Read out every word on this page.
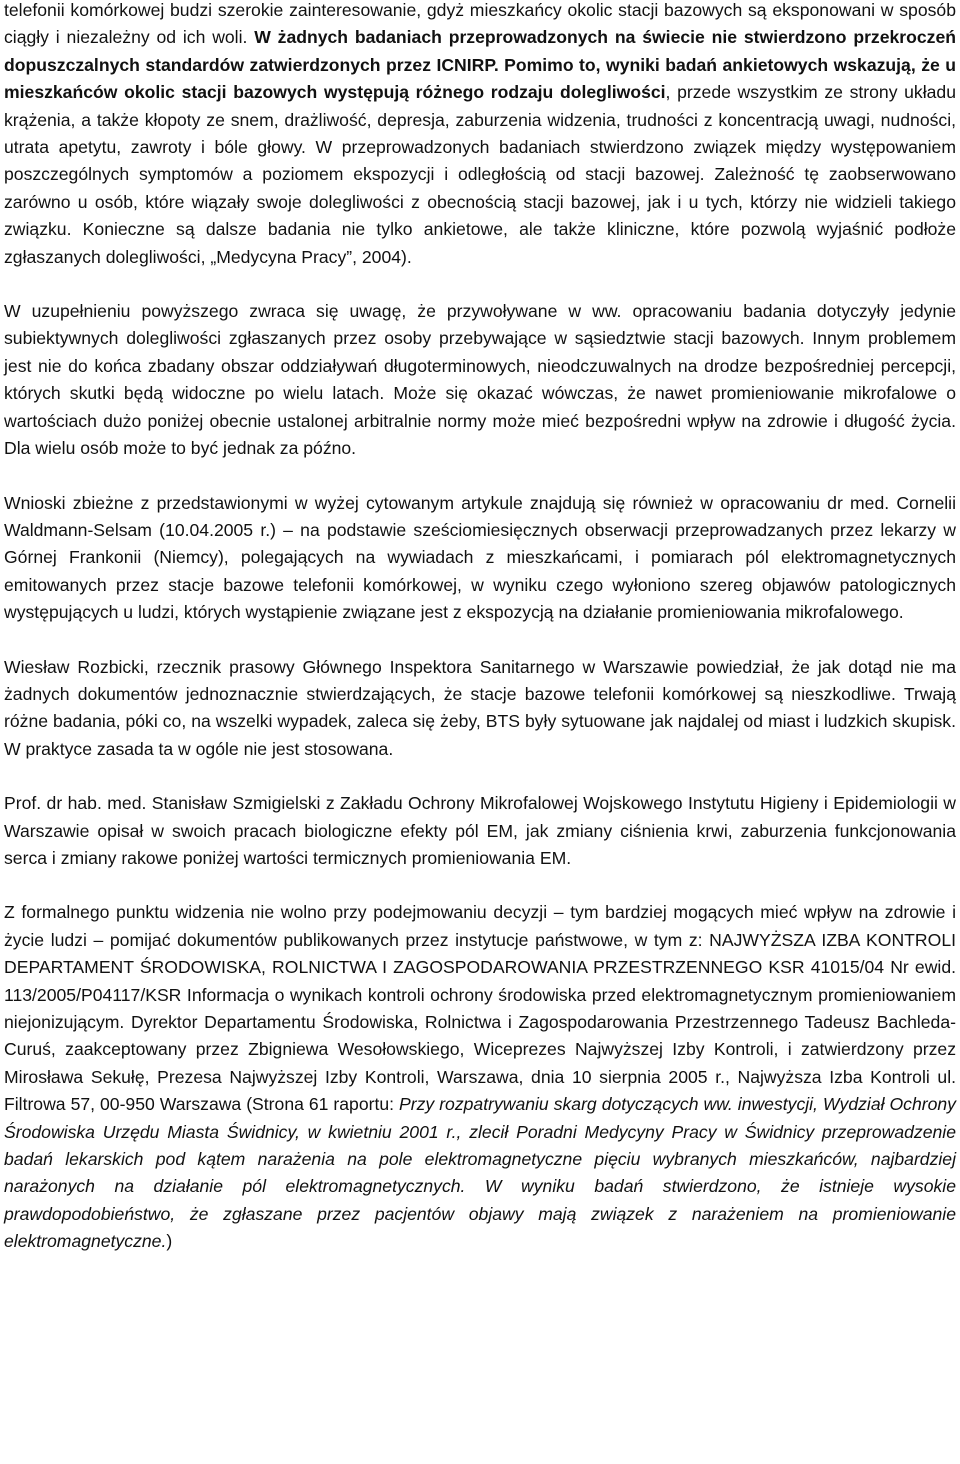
telefonii komórkowej budzi szerokie zainteresowanie, gdyż mieszkańcy okolic stacji bazowych są eksponowani w sposób ciągły i niezależny od ich woli. W żadnych badaniach przeprowadzonych na świecie nie stwierdzono przekroczeń dopuszczalnych standardów zatwierdzonych przez ICNIRP. Pomimo to, wyniki badań ankietowych wskazują, że u mieszkańców okolic stacji bazowych występują różnego rodzaju dolegliwości, przede wszystkim ze strony układu krążenia, a także kłopoty ze snem, drażliwość, depresja, zaburzenia widzenia, trudności z koncentracją uwagi, nudności, utrata apetytu, zawroty i bóle głowy. W przeprowadzonych badaniach stwierdzono związek między występowaniem poszczególnych symptomów a poziomem ekspozycji i odległością od stacji bazowej. Zależność tę zaobserwowano zarówno u osób, które wiązały swoje dolegliwości z obecnością stacji bazowej, jak i u tych, którzy nie widzieli takiego związku. Konieczne są dalsze badania nie tylko ankietowe, ale także kliniczne, które pozwolą wyjaśnić podłoże zgłaszanych dolegliwości, „Medycyna Pracy”, 2004).

W uzupełnieniu powyższego zwraca się uwagę, że przywoływane w ww. opracowaniu badania dotyczyły jedynie subiektywnych dolegliwości zgłaszanych przez osoby przebywające w sąsiedztwie stacji bazowych. Innym problemem jest nie do końca zbadany obszar oddziaływań długoterminowych, nieodczuwalnych na drodze bezpośredniej percepcji, których skutki będą widoczne po wielu latach. Może się okazać wówczas, że nawet promieniowanie mikrofalowe o wartościach dużo poniżej obecnie ustalonej arbitralnie normy może mieć bezpośredni wpływ na zdrowie i długość życia. Dla wielu osób może to być jednak za późno.

Wnioski zbieżne z przedstawionymi w wyżej cytowanym artykule znajdują się również w opracowaniu dr med. Cornelii Waldmann-Selsam (10.04.2005 r.) – na podstawie sześciomiesięcznych obserwacji przeprowadzanych przez lekarzy w Górnej Frankonii (Niemcy), polegających na wywiadach z mieszkańcami, i pomiarach pól elektromagnetycznych emitowanych przez stacje bazowe telefonii komórkowej, w wyniku czego wyłoniono szereg objawów patologicznych występujących u ludzi, których wystąpienie związane jest z ekspozycją na działanie promieniowania mikrofalowego.

Wiesław Rozbicki, rzecznik prasowy Głównego Inspektora Sanitarnego w Warszawie powiedział, że jak dotąd nie ma żadnych dokumentów jednoznacznie stwierdzających, że stacje bazowe telefonii komórkowej są nieszkodliwe. Trwają różne badania, póki co, na wszelki wypadek, zaleca się żeby, BTS były sytuowane jak najdalej od miast i ludzkich skupisk. W praktyce zasada ta w ogóle nie jest stosowana.

Prof. dr hab. med. Stanisław Szmigielski z Zakładu Ochrony Mikrofalowej Wojskowego Instytutu Higieny i Epidemiologii w Warszawie opisał w swoich pracach biologiczne efekty pól EM, jak zmiany ciśnienia krwi, zaburzenia funkcjonowania serca i zmiany rakowe poniżej wartości termicznych promieniowania EM.

Z formalnego punktu widzenia nie wolno przy podejmowaniu decyzji – tym bardziej mogących mieć wpływ na zdrowie i życie ludzi – pomijać dokumentów publikowanych przez instytucje państwowe, w tym z: NAJWYŻSZA IZBA KONTROLI DEPARTAMENT ŚRODOWISKA, ROLNICTWA I ZAGOSPODAROWANIA PRZESTRZENNEGO KSR 41015/04 Nr ewid. 113/2005/P04117/KSR Informacja o wynikach kontroli ochrony środowiska przed elektromagnetycznym promieniowaniem niejonizującym. Dyrektor Departamentu Środowiska, Rolnictwa i Zagospodarowania Przestrzennego Tadeusz Bachleda-Curuś, zaakceptowany przez Zbigniewa Wesołowskiego, Wiceprezes Najwyższej Izby Kontroli, i zatwierdzony przez Mirosława Sekułę, Prezesa Najwyższej Izby Kontroli, Warszawa, dnia 10 sierpnia 2005 r., Najwyższa Izba Kontroli ul. Filtrowa 57, 00-950 Warszawa (Strona 61 raportu: Przy rozpatrywaniu skarg dotyczących ww. inwestycji, Wydział Ochrony Środowiska Urzędu Miasta Świdnicy, w kwietniu 2001 r., zlecił Poradni Medycyny Pracy w Świdnicy przeprowadzenie badań lekarskich pod kątem narażenia na pole elektromagnetyczne pięciu wybranych mieszkańców, najbardziej narażonych na działanie pól elektromagnetycznych. W wyniku badań stwierdzono, że istnieje wysokie prawdopodobieństwo, że zgłaszane przez pacjentów objawy mają związek z narażeniem na promieniowanie elektromagnetyczne.)
